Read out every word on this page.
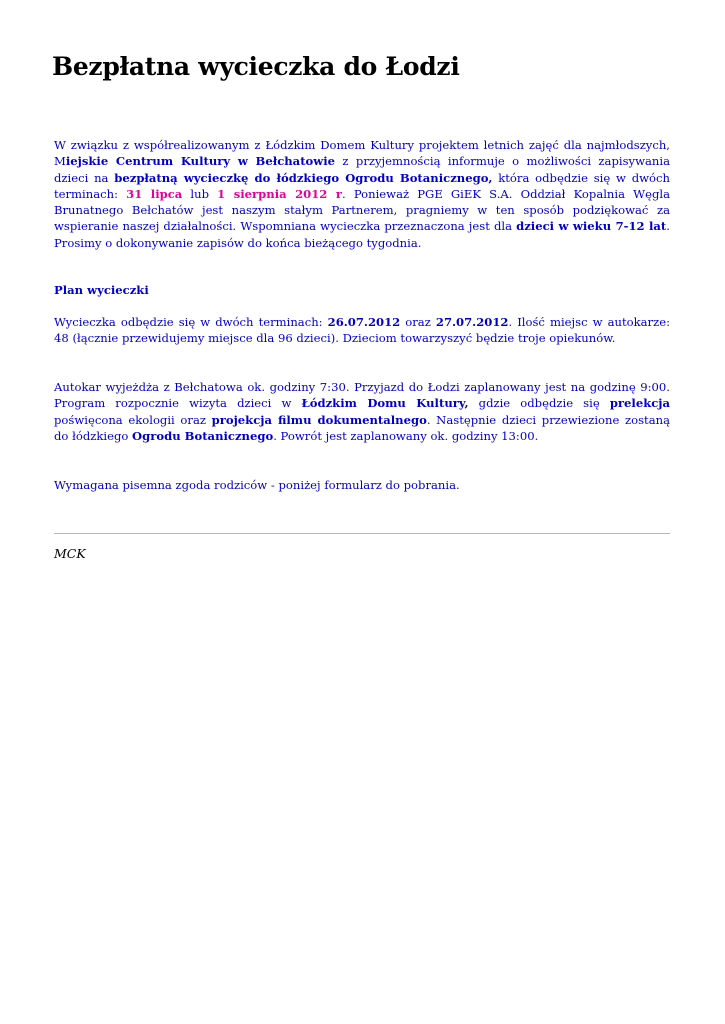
Bezpłatna wycieczka do Łodzi

W związku z współrealizowanym z Łódzkim Domem Kultury projektem letnich zajęć dla najmłodszych, Miejskie Centrum Kultury w Bełchatowie z przyjemnością informuje o możliwości zapisywania dzieci na bezpłatną wycieczkę do łódzkiego Ogrodu Botanicznego, która odbędzie się w dwóch terminach: 31 lipca lub 1 sierpnia 2012 r. Ponieważ PGE GiEK S.A. Oddział Kopalnia Węgla Brunatnego Bełchatów jest naszym stałym Partnerem, pragniemy w ten sposób podziękować za wspieranie naszej działalności. Wspomniana wycieczka przeznaczona jest dla dzieci w wieku 7-12 lat. Prosimy o dokonywanie zapisów do końca bieżącego tygodnia.

Plan wycieczki

Wycieczka odbędzie się w dwóch terminach: 26.07.2012 oraz 27.07.2012. Ilość miejsc w autokarze: 48 (łącznie przewidujemy miejsce dla 96 dzieci). Dzieciom towarzyszyć będzie troje opiekunów.

Autokar wyjeżdża z Bełchatowa ok. godziny 7:30. Przyjazd do Łodzi zaplanowany jest na godzinę 9:00. Program rozpocznie wizyta dzieci w Łódzkim Domu Kultury, gdzie odbędzie się prelekcja poświęcona ekologii oraz projekcja filmu dokumentalnego. Następnie dzieci przewiezione zostaną do łódzkiego Ogrodu Botanicznego. Powrót jest zaplanowany ok. godziny 13:00.

Wymagana pisemna zgoda rodziców - poniżej formularz do pobrania.

MCK
